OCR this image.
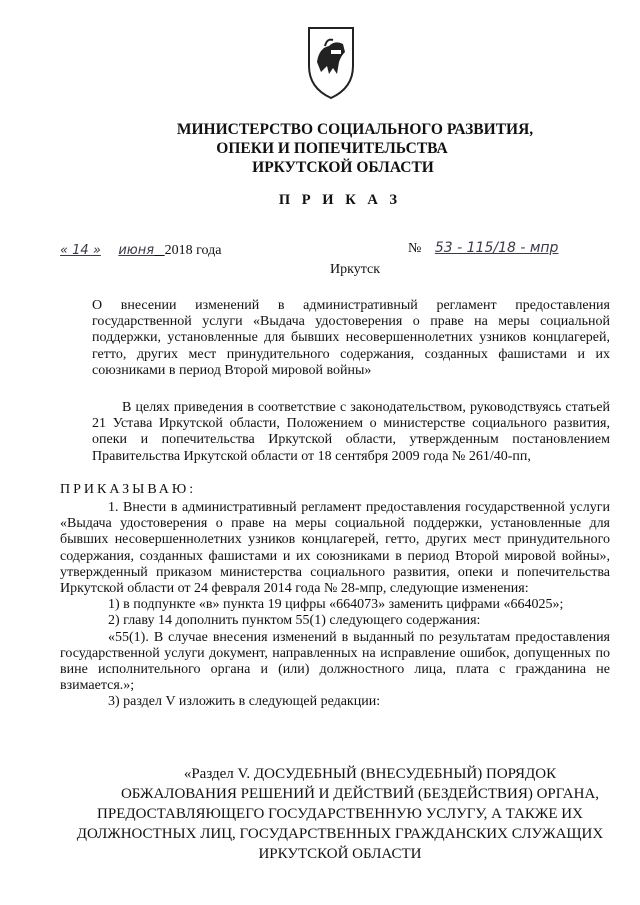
МИНИСТЕРСТВО СОЦИАЛЬНОГО РАЗВИТИЯ,
ОПЕКИ И ПОПЕЧИТЕЛЬСТВА
ИРКУТСКОЙ ОБЛАСТИ
П Р И К А З
« 14 » июня 2018 года	№ 53 - 115/18 - мпр
Иркутск

О внесении изменений в административный регламент предоставления государственной услуги «Выдача удостоверения о праве на меры социальной поддержки, установленные для бывших несовершеннолетних узников концлагерей, гетто, других мест принудительного содержания, созданных фашистами и их союзниками в период Второй мировой войны»

В целях приведения в соответствие с законодательством, руководствуясь статьей 21 Устава Иркутской области, Положением о министерстве социального развития, опеки и попечительства Иркутской области, утвержденным постановлением Правительства Иркутской области от 18 сентября 2009 года № 261/40-пп,

ПРИКАЗЫВАЮ:

1. Внести в административный регламент предоставления государственной услуги «Выдача удостоверения о праве на меры социальной поддержки, установленные для бывших несовершеннолетних узников концлагерей, гетто, других мест принудительного содержания, созданных фашистами и их союзниками в период Второй мировой войны», утвержденный приказом министерства социального развития, опеки и попечительства Иркутской области от 24 февраля 2014 года № 28-мпр, следующие изменения:

1) в подпункте «в» пункта 19 цифры «664073» заменить цифрами «664025»;

2) главу 14 дополнить пунктом 55(1) следующего содержания:

«55(1). В случае внесения изменений в выданный по результатам предоставления государственной услуги документ, направленных на исправление ошибок, допущенных по вине исполнительного органа и (или) должностного лица, плата с гражданина не взимается.»;

3) раздел V изложить в следующей редакции:

«Раздел V. ДОСУДЕБНЫЙ (ВНЕСУДЕБНЫЙ) ПОРЯДОК
ОБЖАЛОВАНИЯ РЕШЕНИЙ И ДЕЙСТВИЙ (БЕЗДЕЙСТВИЯ) ОРГАНА,
ПРЕДОСТАВЛЯЮЩЕГО ГОСУДАРСТВЕННУЮ УСЛУГУ, А ТАКЖЕ ИХ
ДОЛЖНОСТНЫХ ЛИЦ, ГОСУДАРСТВЕННЫХ ГРАЖДАНСКИХ СЛУЖАЩИХ
ИРКУТСКОЙ ОБЛАСТИ
